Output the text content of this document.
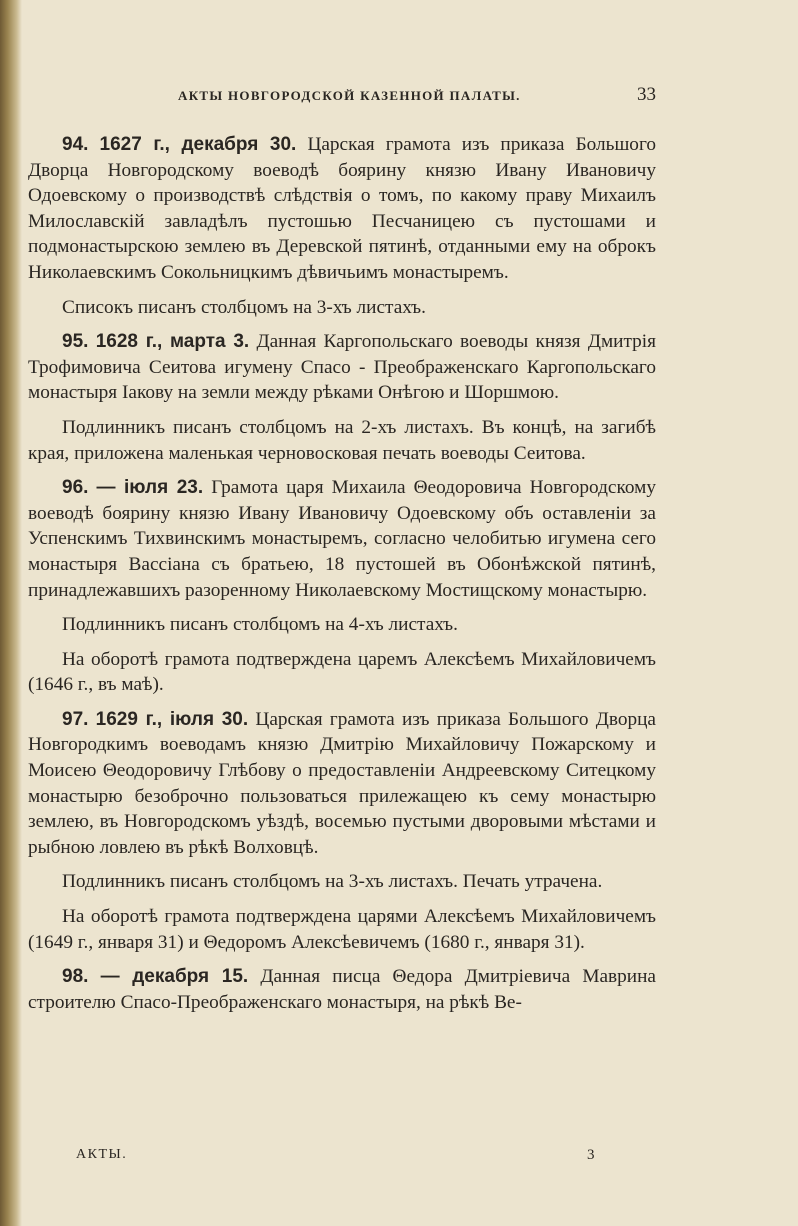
АКТЫ НОВГОРОДСКОЙ КАЗЕННОЙ ПАЛАТЫ.	33

94. 1627 г., декабря 30. Царская грамота изъ приказа Большого Дворца Новгородскому воеводѣ боярину князю Ивану Ивановичу Одоевскому о производствѣ слѣдствія о томъ, по какому праву Михаилъ Милославскій завладѣлъ пустошью Песчаницею съ пустошами и подмонастырскою землею въ Деревской пятинѣ, отданными ему на оброкъ Николаевскимъ Сокольницкимъ дѣвичьимъ монастыремъ.

Списокъ писанъ столбцомъ на 3-хъ листахъ.

95. 1628 г., марта 3. Данная Каргопольскаго воеводы князя Дмитрія Трофимовича Сеитова игумену Спасо - Преображенскаго Каргопольскаго монастыря Іакову на земли между рѣками Онѣгою и Шоршмою.

Подлинникъ писанъ столбцомъ на 2-хъ листахъ. Въ концѣ, на загибѣ края, приложена маленькая черновосковая печать воеводы Сеитова.

96. — іюля 23. Грамота царя Михаила Θеодоровича Новгородскому воеводѣ боярину князю Ивану Ивановичу Одоевскому объ оставленіи за Успенскимъ Тихвинскимъ монастыремъ, согласно челобитью игумена сего монастыря Вассіана съ братьею, 18 пустошей въ Обонѣжской пятинѣ, принадлежавшихъ разоренному Николаевскому Мостищскому монастырю.

Подлинникъ писанъ столбцомъ на 4-хъ листахъ.

На оборотѣ грамота подтверждена царемъ Алексѣемъ Михайловичемъ (1646 г., въ маѣ).

97. 1629 г., іюля 30. Царская грамота изъ приказа Большого Дворца Новгородкимъ воеводамъ князю Дмитрію Михайловичу Пожарскому и Моисею Θеодоровичу Глѣбову о предоставленіи Андреевскому Ситецкому монастырю безоброчно пользоваться прилежащею къ сему монастырю землею, въ Новгородскомъ уѣздѣ, восемью пустыми дворовыми мѣстами и рыбною ловлею въ рѣкѣ Волховцѣ.

Подлинникъ писанъ столбцомъ на 3-хъ листахъ. Печать утрачена.

На оборотѣ грамота подтверждена царями Алексѣемъ Михайловичемъ (1649 г., января 31) и Θедоромъ Алексѣевичемъ (1680 г., января 31).

98. — декабря 15. Данная писца Θедора Дмитріевича Маврина строителю Спасо-Преображенскаго монастыря, на рѣкѣ Ве-

АКТЫ.	3
